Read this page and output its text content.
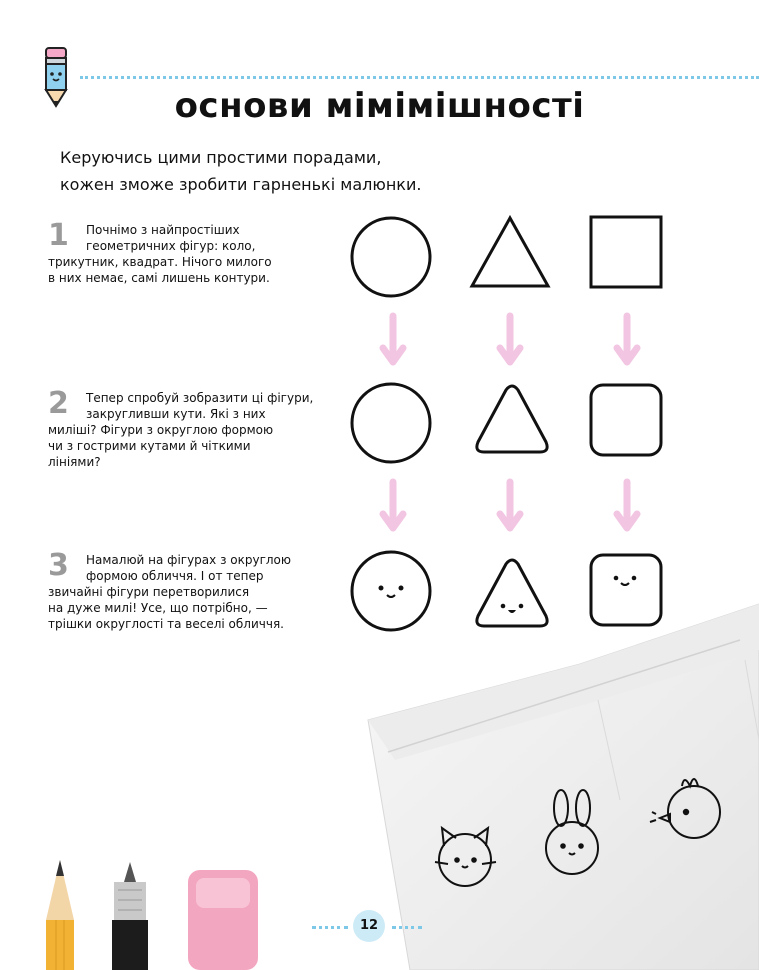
основи мімімішності
Керуючись цими простими порадами,
кожен зможе зробити гарненькі малюнки.
1	Почнімо з найпростіших
геометричних фігур: коло,
трикутник, квадрат. Нічого милого
в них немає, самі лишень контури.
2	Тепер спробуй зобразити ці фігури,
закругливши кути. Які з них
миліші? Фігури з округлою формою
чи з гострими кутами й чіткими
лініями?
3	Намалюй на фігурах з округлою
формою обличчя. І от тепер
звичайні фігури перетворилися
на дуже милі! Усе, що потрібно, —
трішки округлості та веселі обличчя.
12
